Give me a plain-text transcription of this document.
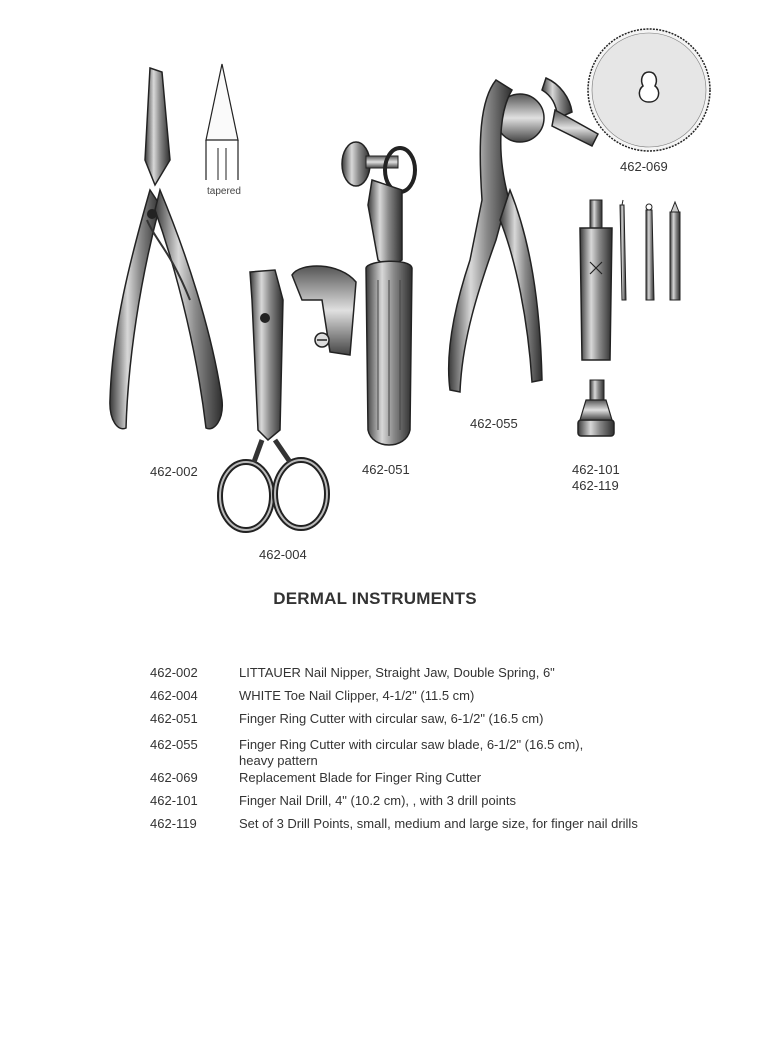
tapered
462-002
462-004
462-051
462-055
462-069
462-101
462-119
DERMAL INSTRUMENTS
462-002	LITTAUER Nail Nipper, Straight Jaw, Double Spring, 6"
462-004	WHITE Toe Nail Clipper, 4-1/2" (11.5 cm)
462-051	Finger Ring Cutter with circular saw, 6-1/2" (16.5 cm)
462-055	Finger Ring Cutter with circular saw blade, 6-1/2" (16.5 cm),
heavy pattern
462-069	Replacement Blade for Finger Ring Cutter
462-101	Finger Nail Drill, 4" (10.2 cm), , with 3 drill points
462-119	Set of 3 Drill Points, small, medium and large size, for finger nail drills
